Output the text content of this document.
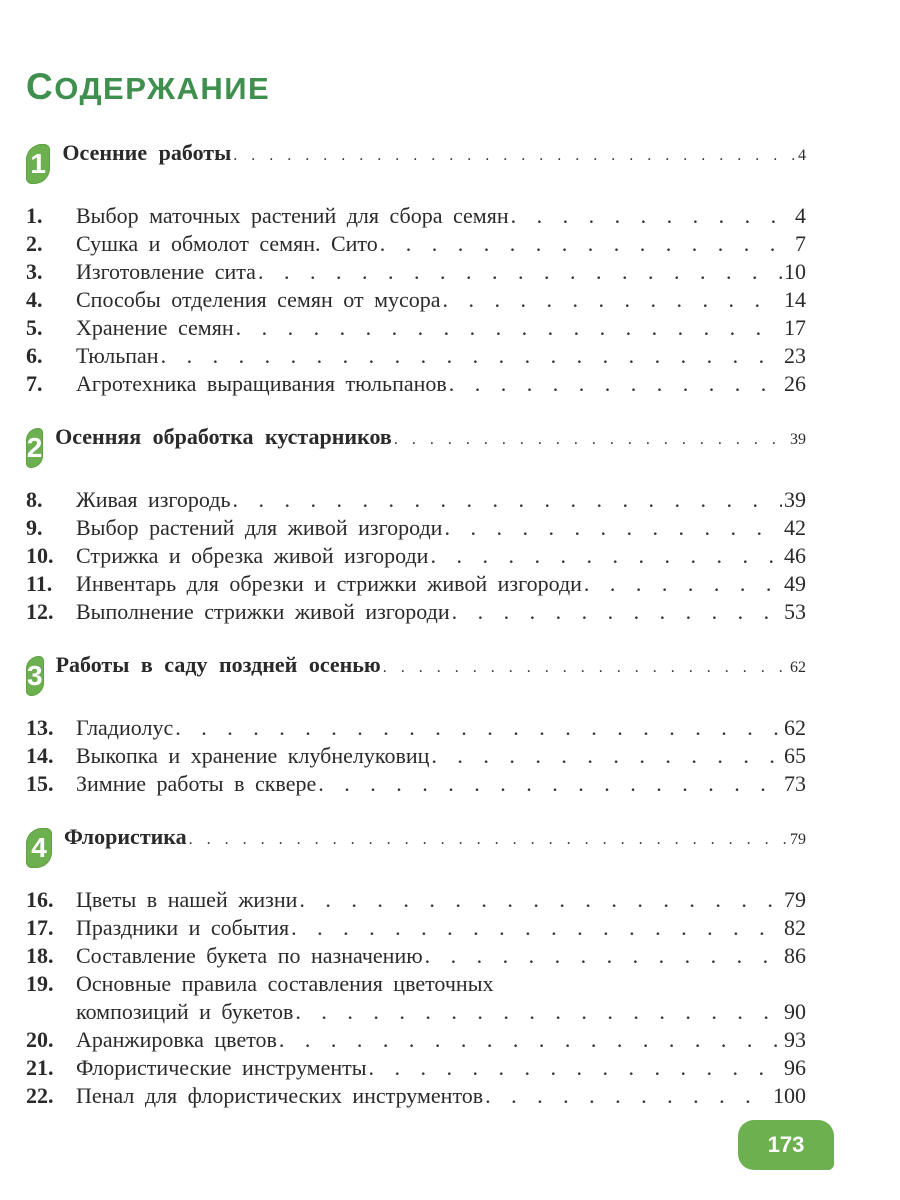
СОДЕРЖАНИЕ
1 Осенние работы . . .	4
1.	Выбор маточных растений для сбора семян . . .	4
2.	Сушка и обмолот семян. Сито . . .	7
3.	Изготовление сита . . .	10
4.	Способы отделения семян от мусора . . .	14
5.	Хранение семян . . .	17
6.	Тюльпан . . .	23
7.	Агротехника выращивания тюльпанов . . .	26
2 Осенняя обработка кустарников . . .	39
8.	Живая изгородь . . .	39
9.	Выбор растений для живой изгороди . . .	42
10.	Стрижка и обрезка живой изгороди . . .	46
11.	Инвентарь для обрезки и стрижки живой изгороди . . .	49
12.	Выполнение стрижки живой изгороди . . .	53
3 Работы в саду поздней осенью . . .	62
13.	Гладиолус . . .	62
14.	Выкопка и хранение клубнелуковиц . . .	65
15.	Зимние работы в сквере . . .	73
4 Флористика . . .	79
16.	Цветы в нашей жизни . . .	79
17.	Праздники и события . . .	82
18.	Составление букета по назначению . . .	86
19.	Основные правила составления цветочных
композиций и букетов . . .	90
20.	Аранжировка цветов . . .	93
21.	Флористические инструменты . . .	96
22.	Пенал для флористических инструментов . . .	100
173
